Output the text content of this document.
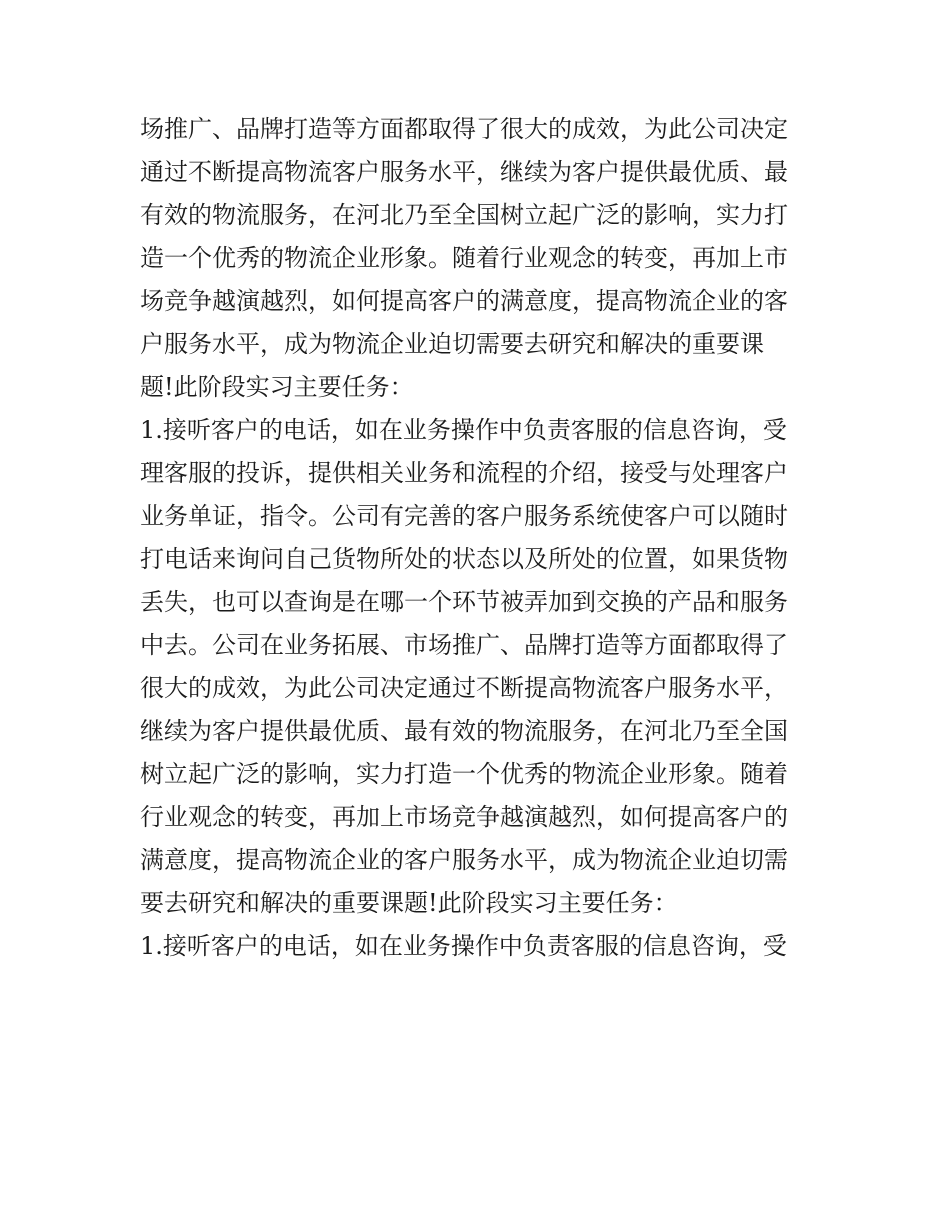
场推广、品牌打造等方面都取得了很大的成效，为此公司决定
通过不断提高物流客户服务水平，继续为客户提供最优质、最
有效的物流服务，在河北乃至全国树立起广泛的影响，实力打
造一个优秀的物流企业形象。随着行业观念的转变，再加上市
场竞争越演越烈，如何提高客户的满意度，提高物流企业的客
户服务水平，成为物流企业迫切需要去研究和解决的重要课
题!此阶段实习主要任务：
1.接听客户的电话，如在业务操作中负责客服的信息咨询，受
理客服的投诉，提供相关业务和流程的介绍，接受与处理客户
业务单证，指令。公司有完善的客户服务系统使客户可以随时
打电话来询问自己货物所处的状态以及所处的位置，如果货物
丢失，也可以查询是在哪一个环节被弄加到交换的产品和服务
中去。公司在业务拓展、市场推广、品牌打造等方面都取得了
很大的成效，为此公司决定通过不断提高物流客户服务水平，
继续为客户提供最优质、最有效的物流服务，在河北乃至全国
树立起广泛的影响，实力打造一个优秀的物流企业形象。随着
行业观念的转变，再加上市场竞争越演越烈，如何提高客户的
满意度，提高物流企业的客户服务水平，成为物流企业迫切需
要去研究和解决的重要课题!此阶段实习主要任务：
1.接听客户的电话，如在业务操作中负责客服的信息咨询，受
